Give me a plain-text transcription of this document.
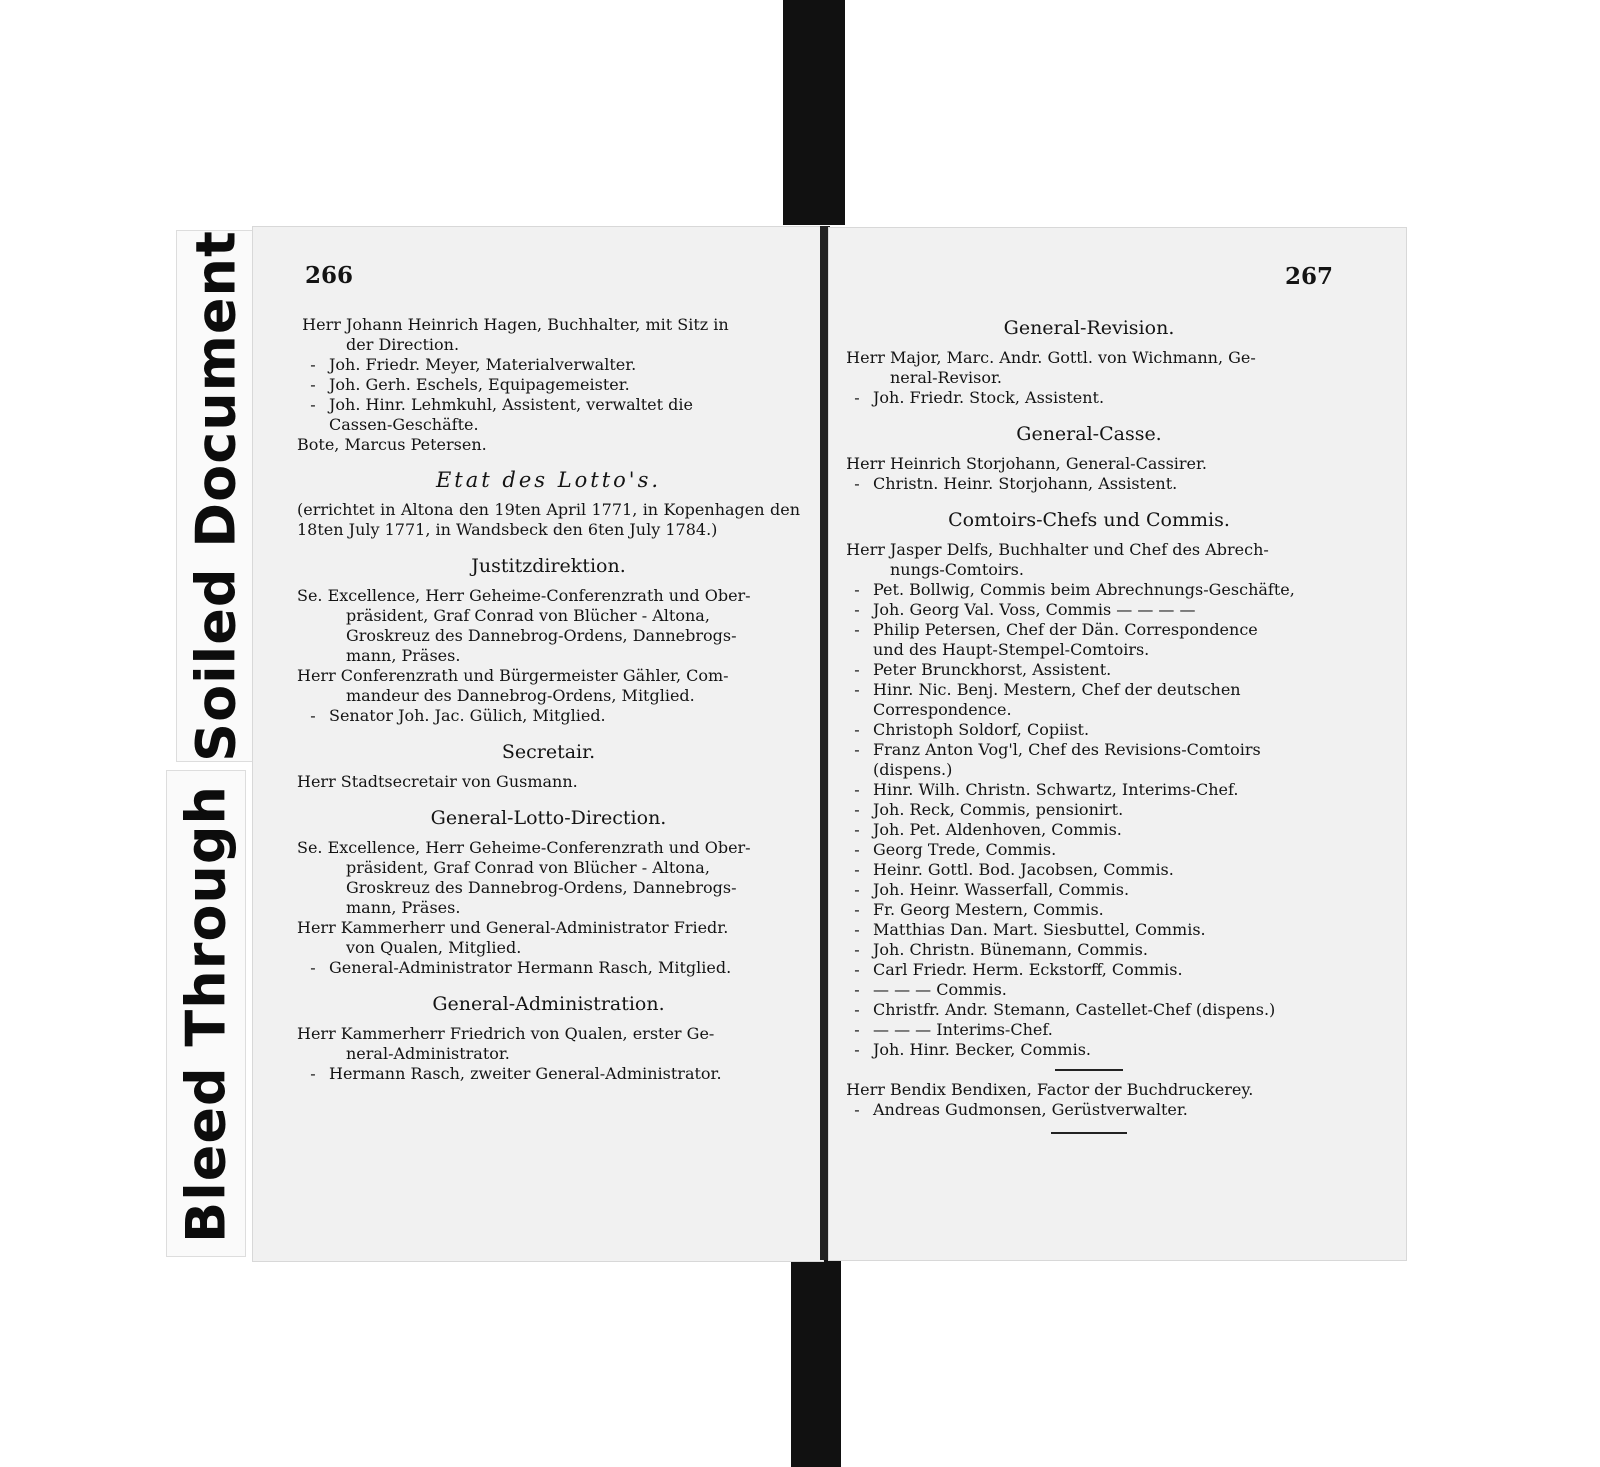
Soiled Document
Bleed Through
266
Herr Johann Heinrich Hagen, Buchhalter, mit Sitz in
der Direction.
- Joh. Friedr. Meyer, Materialverwalter.
- Joh. Gerh. Eschels, Equipagemeister.
- Joh. Hinr. Lehmkuhl, Assistent, verwaltet die
Cassen-Geschäfte.
Bote, Marcus Petersen.
Etat des Lotto's.
(errichtet in Altona den 19ten April 1771, in Kopenhagen den 18ten July 1771, in Wandsbeck den 6ten July 1784.)
Justitzdirektion.
Se. Excellence, Herr Geheime-Conferenzrath und Ober-
präsident, Graf Conrad von Blücher - Altona,
Groskreuz des Dannebrog-Ordens, Dannebrogs-
mann, Präses.
Herr Conferenzrath und Bürgermeister Gähler, Com-
mandeur des Dannebrog-Ordens, Mitglied.
- Senator Joh. Jac. Gülich, Mitglied.
Secretair.
Herr Stadtsecretair von Gusmann.
General-Lotto-Direction.
Se. Excellence, Herr Geheime-Conferenzrath und Ober-
präsident, Graf Conrad von Blücher - Altona,
Groskreuz des Dannebrog-Ordens, Dannebrogs-
mann, Präses.
Herr Kammerherr und General-Administrator Friedr.
von Qualen, Mitglied.
- General-Administrator Hermann Rasch, Mitglied.
General-Administration.
Herr Kammerherr Friedrich von Qualen, erster Ge-
neral-Administrator.
- Hermann Rasch, zweiter General-Administrator.
267
General-Revision.
Herr Major, Marc. Andr. Gottl. von Wichmann, Ge-
neral-Revisor.
- Joh. Friedr. Stock, Assistent.
General-Casse.
Herr Heinrich Storjohann, General-Cassirer.
- Christn. Heinr. Storjohann, Assistent.
Comtoirs-Chefs und Commis.
Herr Jasper Delfs, Buchhalter und Chef des Abrech-
nungs-Comtoirs.
- Pet. Bollwig, Commis beim Abrechnungs-Geschäfte,
- Joh. Georg Val. Voss, Commis — — — —
- Philip Petersen, Chef der Dän. Correspondence
und des Haupt-Stempel-Comtoirs.
- Peter Brunckhorst, Assistent.
- Hinr. Nic. Benj. Mestern, Chef der deutschen
Correspondence.
- Christoph Soldorf, Copiist.
- Franz Anton Vog'l, Chef des Revisions-Comtoirs
(dispens.)
- Hinr. Wilh. Christn. Schwartz, Interims-Chef.
- Joh. Reck, Commis, pensionirt.
- Joh. Pet. Aldenhoven, Commis.
- Georg Trede, Commis.
- Heinr. Gottl. Bod. Jacobsen, Commis.
- Joh. Heinr. Wasserfall, Commis.
- Fr. Georg Mestern, Commis.
- Matthias Dan. Mart. Siesbuttel, Commis.
- Joh. Christn. Bünemann, Commis.
- Carl Friedr. Herm. Eckstorff, Commis.
- — — — Commis.
- Christfr. Andr. Stemann, Castellet-Chef (dispens.)
- — — — Interims-Chef.
- Joh. Hinr. Becker, Commis.
Herr Bendix Bendixen, Factor der Buchdruckerey.
- Andreas Gudmonsen, Gerüstverwalter.
